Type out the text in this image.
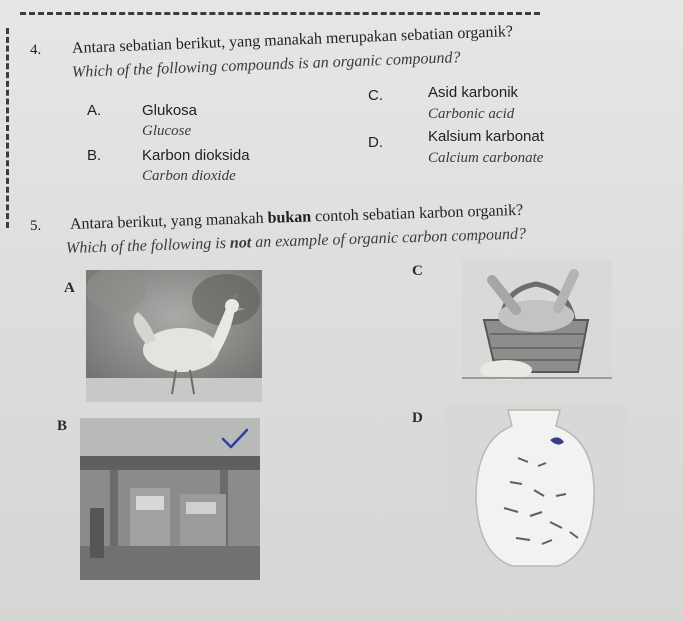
4. Antara sebatian berikut, yang manakah merupakan sebatian organik?
Which of the following compounds is an organic compound?
A.	Glukosa
Glucose
B.	Karbon dioksida
Carbon dioxide
C.	Asid karbonik
Carbonic acid
D.	Kalsium karbonat
Calcium carbonate
5. Antara berikut, yang manakah bukan contoh sebatian karbon organik?
Which of the following is not an example of organic carbon compound?
A
B
C
D
